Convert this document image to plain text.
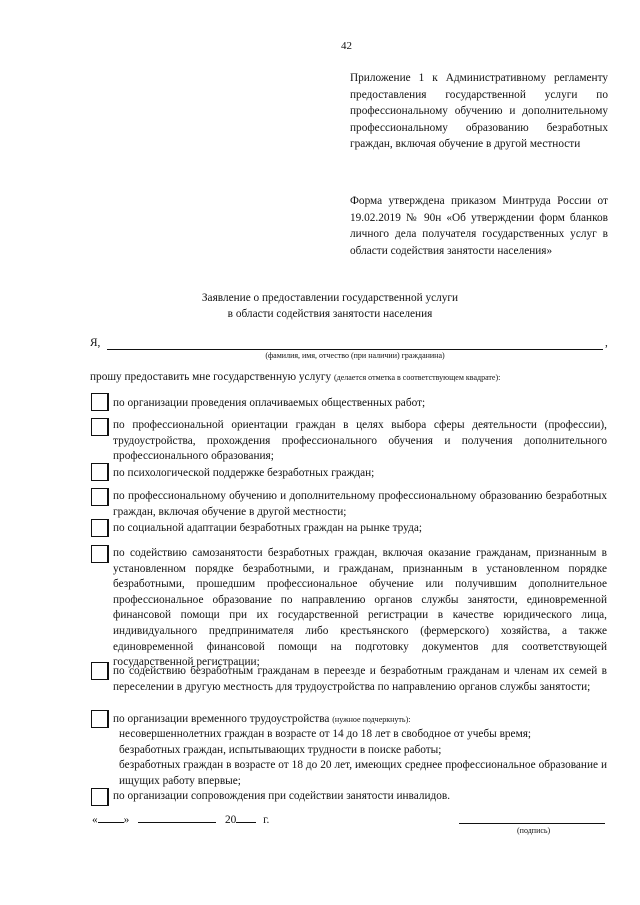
42
Приложение 1 к Административному регламенту предоставления государственной услуги по профессиональному обучению и дополнительному профессиональному образованию безработных граждан, включая обучение в другой местности
Форма утверждена приказом Минтруда России от 19.02.2019 № 90н «Об утверждении форм бланков личного дела получателя государственных услуг в области содействия занятости населения»
Заявление о предоставлении государственной услуги
в области содействия занятости населения
Я,	,
(фамилия, имя, отчество (при наличии) гражданина)
прошу предоставить мне государственную услугу (делается отметка в соответствующем квадрате):
по организации проведения оплачиваемых общественных работ;
по профессиональной ориентации граждан в целях выбора сферы деятельности (профессии), трудоустройства, прохождения профессионального обучения и получения дополнительного профессионального образования;
по психологической поддержке безработных граждан;
по профессиональному обучению и дополнительному профессиональному образованию безработных граждан, включая обучение в другой местности;
по социальной адаптации безработных граждан на рынке труда;
по содействию самозанятости безработных граждан, включая оказание гражданам, признанным в установленном порядке безработными, и гражданам, признанным в установленном порядке безработными, прошедшим профессиональное обучение или получившим дополнительное профессиональное образование по направлению органов службы занятости, единовременной финансовой помощи при их государственной регистрации в качестве юридического лица, индивидуального предпринимателя либо крестьянского (фермерского) хозяйства, а также единовременной финансовой помощи на подготовку документов для соответствующей государственной регистрации;
по содействию безработным гражданам в переезде и безработным гражданам и членам их семей в переселении в другую местность для трудоустройства по направлению органов службы занятости;
по организации временного трудоустройства (нужное подчеркнуть):
несовершеннолетних граждан в возрасте от 14 до 18 лет в свободное от учебы время;
безработных граждан, испытывающих трудности в поиске работы;
безработных граждан в возрасте от 18 до 20 лет, имеющих среднее профессиональное образование и ищущих работу впервые;
по организации сопровождения при содействии занятости инвалидов.
« »	20 г.
(подпись)
